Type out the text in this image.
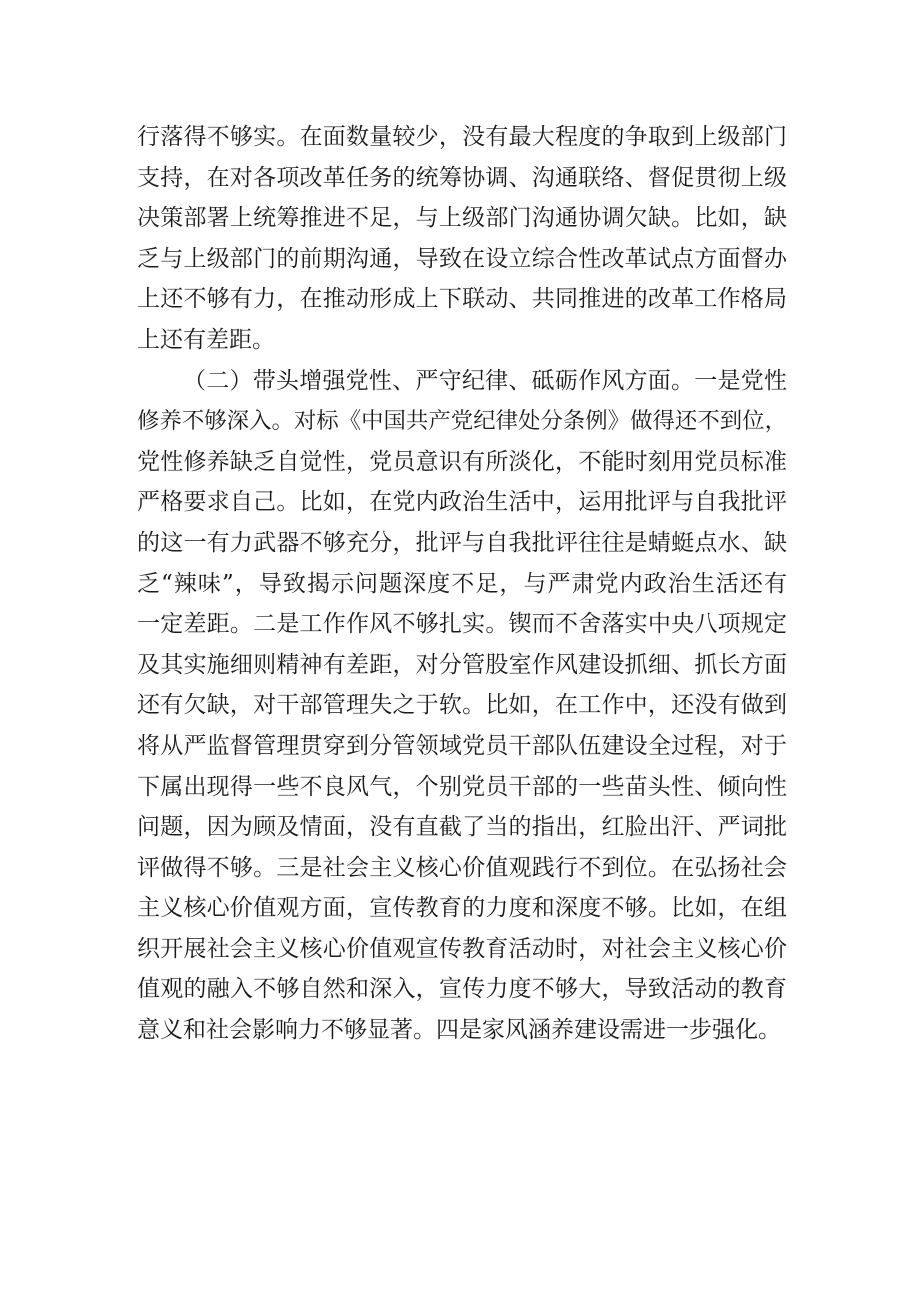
行落得不够实。在面数量较少，没有最大程度的争取到上级部门
支持，在对各项改革任务的统筹协调、沟通联络、督促贯彻上级
决策部署上统筹推进不足，与上级部门沟通协调欠缺。比如，缺
乏与上级部门的前期沟通，导致在设立综合性改革试点方面督办
上还不够有力，在推动形成上下联动、共同推进的改革工作格局
上还有差距。
（二）带头增强党性、严守纪律、砥砺作风方面。一是党性
修养不够深入。对标《中国共产党纪律处分条例》做得还不到位，
党性修养缺乏自觉性，党员意识有所淡化，不能时刻用党员标准
严格要求自己。比如，在党内政治生活中，运用批评与自我批评
的这一有力武器不够充分，批评与自我批评往往是蜻蜓点水、缺
乏“辣味”，导致揭示问题深度不足，与严肃党内政治生活还有
一定差距。二是工作作风不够扎实。锲而不舍落实中央八项规定
及其实施细则精神有差距，对分管股室作风建设抓细、抓长方面
还有欠缺，对干部管理失之于软。比如，在工作中，还没有做到
将从严监督管理贯穿到分管领域党员干部队伍建设全过程，对于
下属出现得一些不良风气，个别党员干部的一些苗头性、倾向性
问题，因为顾及情面，没有直截了当的指出，红脸出汗、严词批
评做得不够。三是社会主义核心价值观践行不到位。在弘扬社会
主义核心价值观方面，宣传教育的力度和深度不够。比如，在组
织开展社会主义核心价值观宣传教育活动时，对社会主义核心价
值观的融入不够自然和深入，宣传力度不够大，导致活动的教育
意义和社会影响力不够显著。四是家风涵养建设需进一步强化。
